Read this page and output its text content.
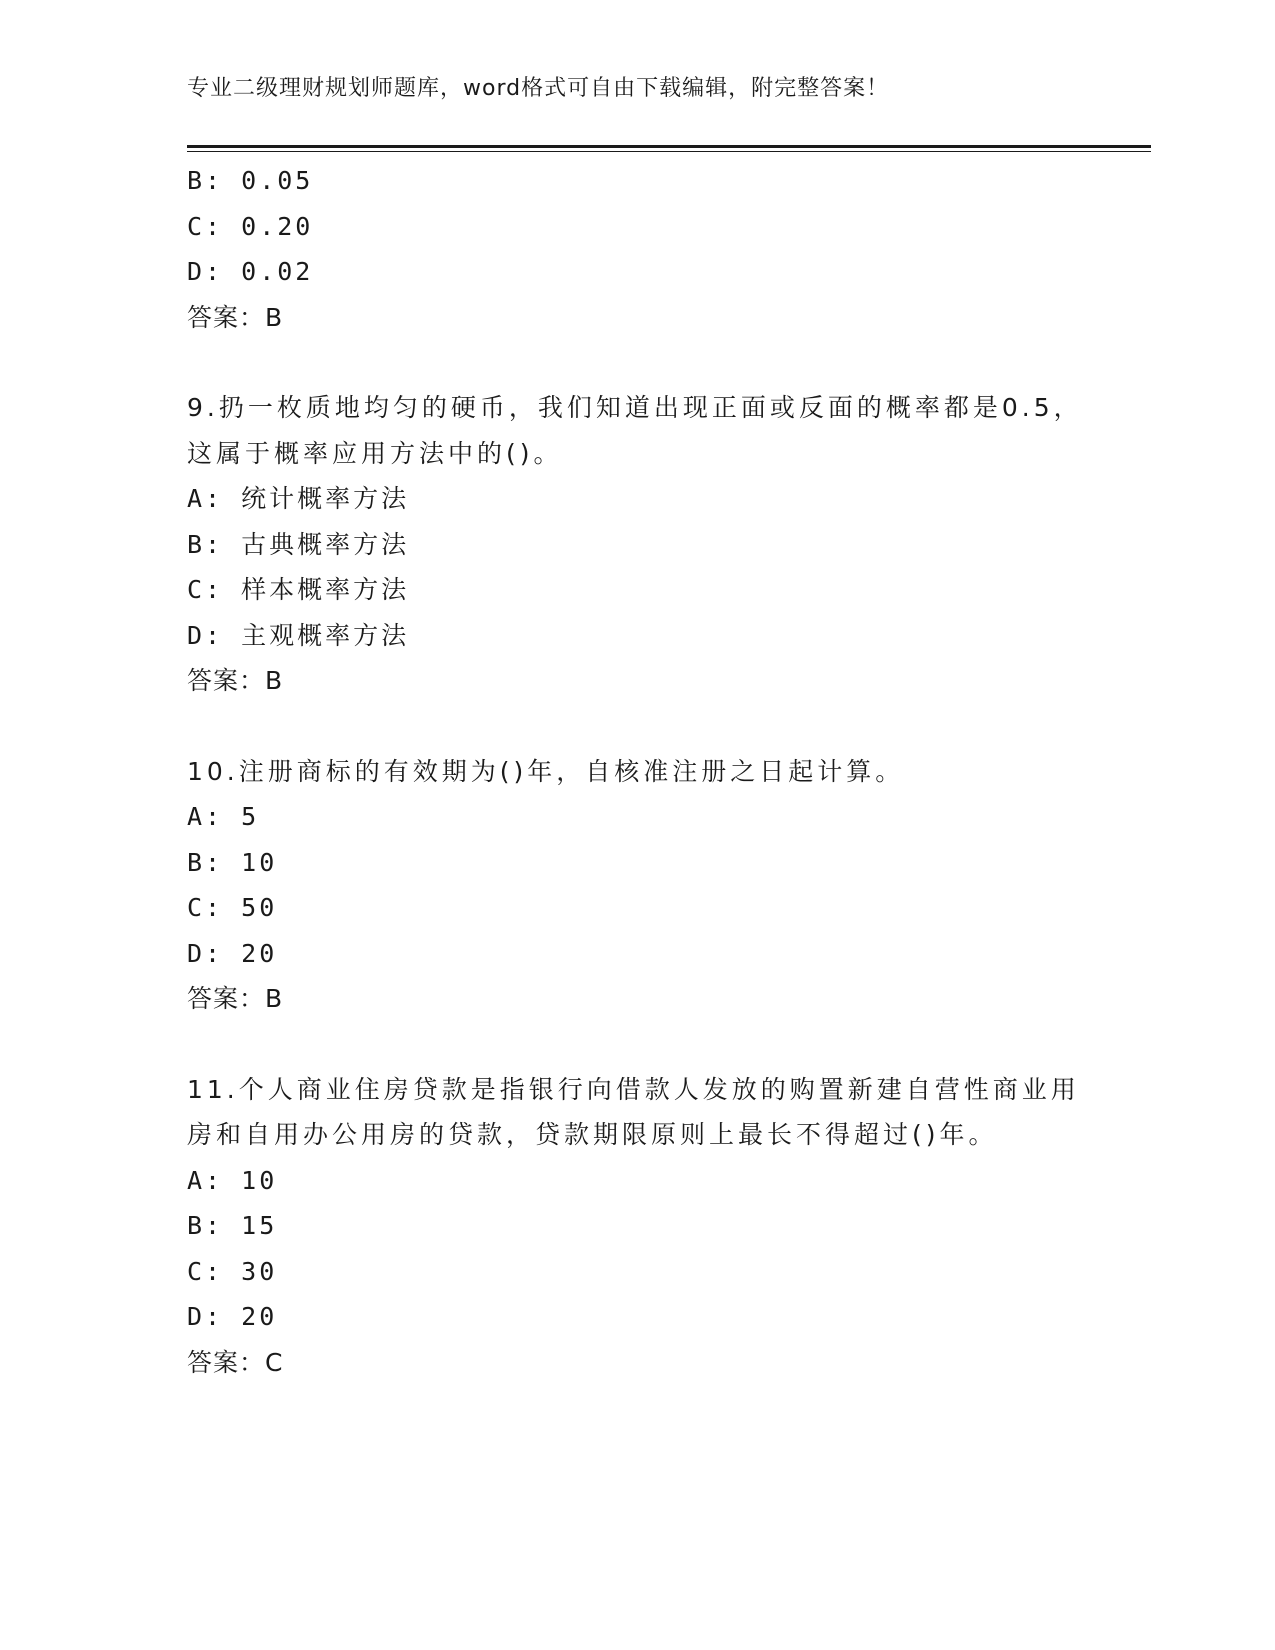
专业二级理财规划师题库，word格式可自由下载编辑，附完整答案！
B: 0.05
C: 0.20
D: 0.02
答案：B
9.扔一枚质地均匀的硬币，我们知道出现正面或反面的概率都是0.5，
这属于概率应用方法中的()。
A: 统计概率方法
B: 古典概率方法
C: 样本概率方法
D: 主观概率方法
答案：B
10.注册商标的有效期为()年，自核准注册之日起计算。
A: 5
B: 10
C: 50
D: 20
答案：B
11.个人商业住房贷款是指银行向借款人发放的购置新建自营性商业用
房和自用办公用房的贷款，贷款期限原则上最长不得超过()年。
A: 10
B: 15
C: 30
D: 20
答案：C
